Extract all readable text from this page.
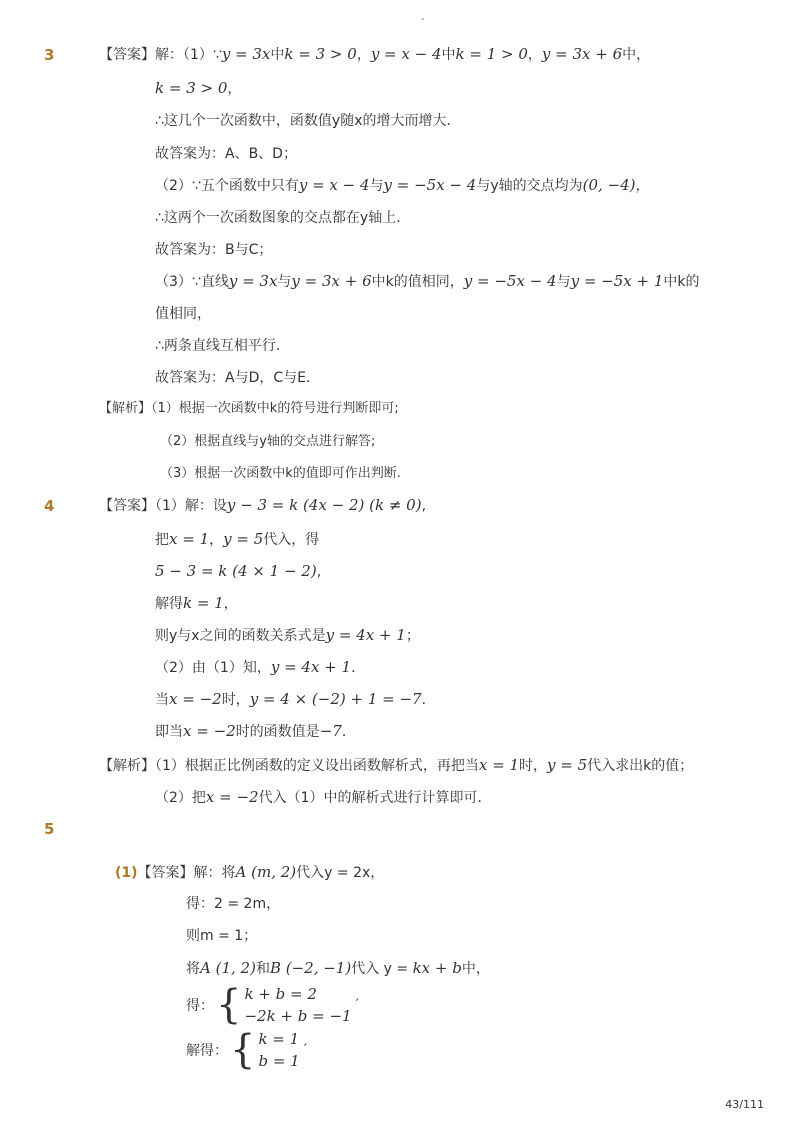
-
3	【答案】解：（1）∵y = 3x中k = 3 > 0，y = x − 4中k = 1 > 0，y = 3x + 6中，
k = 3 > 0，
∴这几个一次函数中，函数值y随x的增大而增大．
故答案为：A、B、D；
（2）∵五个函数中只有y = x − 4与y = −5x − 4与y轴的交点均为(0, −4)，
∴这两个一次函数图象的交点都在y轴上．
故答案为：B与C；
（3）∵直线y = 3x与y = 3x + 6中k的值相同，y = −5x − 4与y = −5x + 1中k的
值相同，
∴两条直线互相平行．
故答案为：A与D，C与E．
【解析】（1）根据一次函数中k的符号进行判断即可;
（2）根据直线与y轴的交点进行解答;
（3）根据一次函数中k的值即可作出判断.
4	【答案】（1）解：设y − 3 = k (4x − 2) (k ≠ 0),
把x = 1，y = 5代入，得
5 − 3 = k (4 × 1 − 2),
解得k = 1，
则y与x之间的函数关系式是y = 4x + 1；
（2）由（1）知，y = 4x + 1．
当x = −2时，y = 4 × (−2) + 1 = −7.
即当x = −2时的函数值是−7．
【解析】（1）根据正比例函数的定义设出函数解析式，再把当x = 1时，y = 5代入求出k的值；
（2）把x = −2代入（1）中的解析式进行计算即可．
5
(1)【答案】解：将A (m, 2)代入y = 2x，
得：2 = 2m，
则m = 1；
将A (1, 2)和B (−2, −1)代入 y = kx + b中，
得： { k + b = 2
−2k + b = −1
′
解得： { k = 1
b = 1
′
43/111
